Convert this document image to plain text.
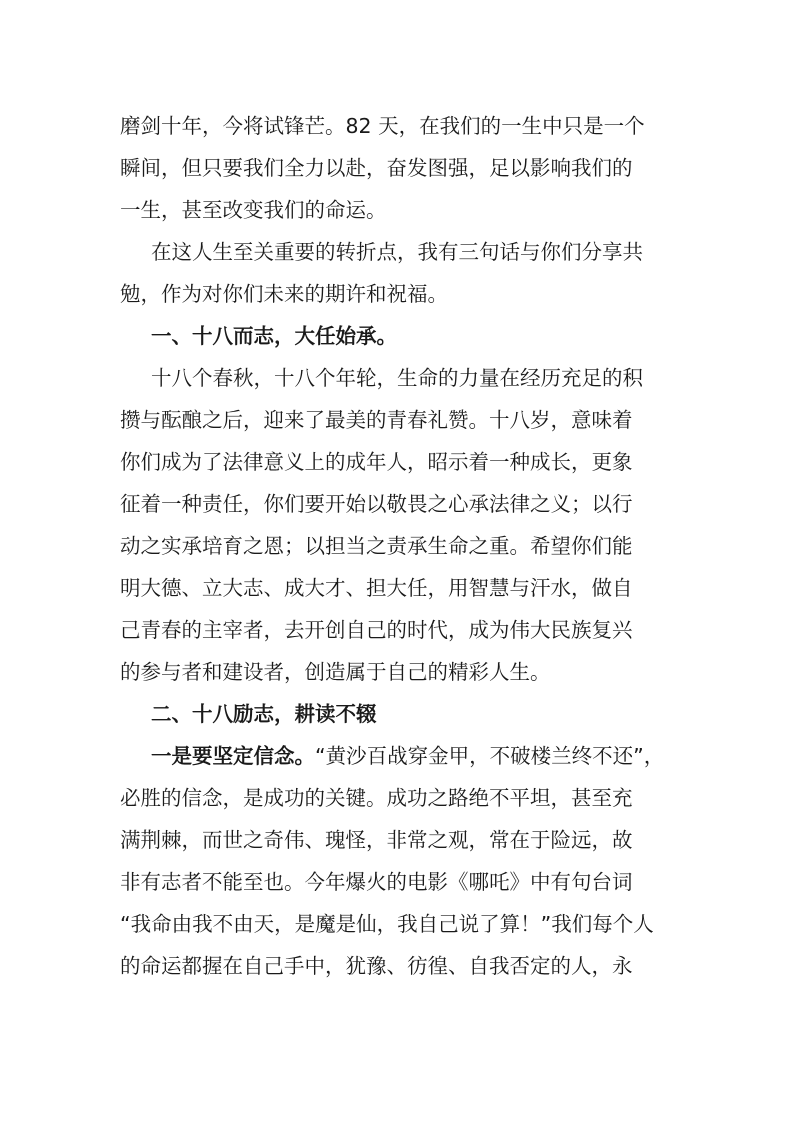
磨剑十年，今将试锋芒。82 天，在我们的一生中只是一个
瞬间，但只要我们全力以赴，奋发图强，足以影响我们的
一生，甚至改变我们的命运。
在这人生至关重要的转折点，我有三句话与你们分享共
勉，作为对你们未来的期许和祝福。
一、十八而志，大任始承。
十八个春秋，十八个年轮，生命的力量在经历充足的积
攒与酝酿之后，迎来了最美的青春礼赞。十八岁，意味着
你们成为了法律意义上的成年人，昭示着一种成长，更象
征着一种责任，你们要开始以敬畏之心承法律之义；以行
动之实承培育之恩；以担当之责承生命之重。希望你们能
明大德、立大志、成大才、担大任，用智慧与汗水，做自
己青春的主宰者，去开创自己的时代，成为伟大民族复兴
的参与者和建设者，创造属于自己的精彩人生。
二、十八励志，耕读不辍
一是要坚定信念。“黄沙百战穿金甲，不破楼兰终不还”，
必胜的信念，是成功的关键。成功之路绝不平坦，甚至充
满荆棘，而世之奇伟、瑰怪，非常之观，常在于险远，故
非有志者不能至也。今年爆火的电影《哪吒》中有句台词
“我命由我不由天，是魔是仙，我自己说了算！”我们每个人
的命运都握在自己手中，犹豫、彷徨、自我否定的人，永
